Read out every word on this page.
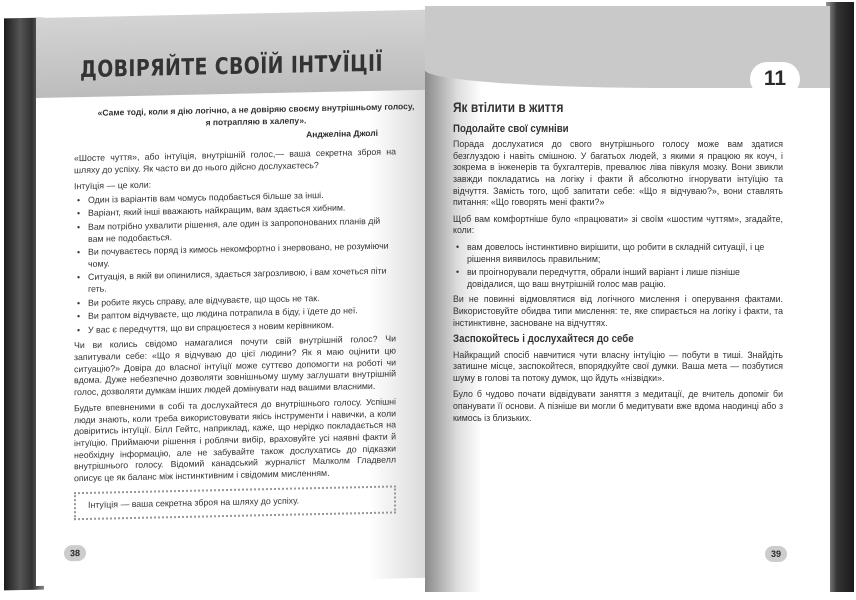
ДОВІРЯЙТЕ СВОЇЙ ІНТУЇЦІЇ
«Саме тоді, коли я дію логічно, а не довіряю своєму внутрішньому голосу, я потрапляю в халепу».
Анджеліна Джолі

«Шосте чуття», або інтуїція, внутрішній голос,— ваша секретна зброя на шляху до успіху. Як часто ви до нього дійсно дослухаєтесь?

Інтуїція — це коли:

• Один із варіантів вам чомусь подобається більше за інші.
• Варіант, який інші вважають найкращим, вам здається хибним.
• Вам потрібно ухвалити рішення, але один із запропонованих планів дій вам не подобається.
• Ви почуваєтесь поряд із кимось некомфортно і знервовано, не розуміючи чому.
• Ситуація, в якій ви опинилися, здається загрозливою, і вам хочеться піти геть.
• Ви робите якусь справу, але відчуваєте, що щось не так.
• Ви раптом відчуваєте, що людина потрапила в біду, і їдете до неї.
• У вас є передчуття, що ви спрацюєтеся з новим керівником.

Чи ви колись свідомо намагалися почути свій внутрішній голос? Чи запитували себе: «Що я відчуваю до цієї людини? Як я маю оцінити цю ситуацію?» Довіра до власної інтуїції може суттєво допомогти на роботі чи вдома. Дуже небезпечно дозволяти зовнішньому шуму заглушати внутрішній голос, дозволяти думкам інших людей домінувати над вашими власними.

Будьте впевненими в собі та дослухайтеся до внутрішнього голосу. Успішні люди знають, коли треба використовувати якісь інструменти і навички, а коли довіритись інтуїції. Білл Гейтс, наприклад, каже, що нерідко покладається на інтуїцію. Приймаючи рішення і роблячи вибір, враховуйте усі наявні факти й необхідну інформацію, але не забувайте також дослухатись до підказки внутрішнього голосу. Відомий канадський журналіст Малколм Гладвелл описує це як баланс між інстинктивним і свідомим мисленням.

Інтуїція — ваша секретна зброя на шляху до успіху.
38
11
Як втілити в життя
Подолайте свої сумніви

Порада дослухатися до свого внутрішнього голосу може вам здатися безглуздою і навіть смішною. У багатьох людей, з якими я працюю як коуч, і зокрема в інженерів та бухгалтерів, превалює ліва півкуля мозку. Вони звикли завжди покладатись на логіку і факти й абсолютно ігнорувати інтуїцію та відчуття. Замість того, щоб запитати себе: «Що я відчуваю?», вони ставлять питання: «Що говорять мені факти?»

Щоб вам комфортніше було «працювати» зі своїм «шостим чуттям», згадайте, коли:

• вам довелось інстинктивно вирішити, що робити в складній ситуації, і це рішення виявилось правильним;
• ви проігнорували передчуття, обрали інший варіант і лише пізніше довідалися, що ваш внутрішній голос мав рацію.

Ви не повинні відмовлятися від логічного мислення і оперування фактами. Використовуйте обидва типи мислення: те, яке спирається на логіку і факти, та інстинктивне, засноване на відчуттях.

Заспокойтесь і дослухайтеся до себе

Найкращий спосіб навчитися чути власну інтуїцію — побути в тиші. Знайдіть затишне місце, заспокойтеся, впорядкуйте свої думки. Ваша мета — позбутися шуму в голові та потоку думок, що йдуть «нізвідки».

Було б чудово почати відвідувати заняття з медитації, де вчитель допоміг би опанувати її основи. А пізніше ви могли б медитувати вже вдома наодинці або з кимось із близьких.

39
